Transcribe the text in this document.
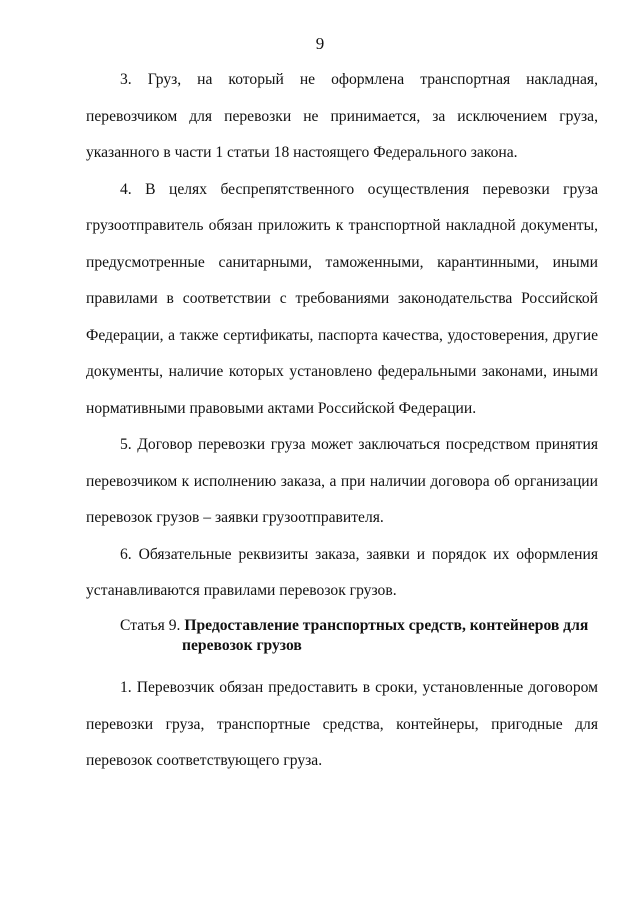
9

3. Груз, на который не оформлена транспортная накладная, перевозчиком для перевозки не принимается, за исключением груза, указанного в части 1 статьи 18 настоящего Федерального закона.

4. В целях беспрепятственного осуществления перевозки груза грузоотправитель обязан приложить к транспортной накладной документы, предусмотренные санитарными, таможенными, карантинными, иными правилами в соответствии с требованиями законодательства Российской Федерации, а также сертификаты, паспорта качества, удостоверения, другие документы, наличие которых установлено федеральными законами, иными нормативными правовыми актами Российской Федерации.

5. Договор перевозки груза может заключаться посредством принятия перевозчиком к исполнению заказа, а при наличии договора об организации перевозок грузов – заявки грузоотправителя.

6. Обязательные реквизиты заказа, заявки и порядок их оформления устанавливаются правилами перевозок грузов.

Статья 9. Предоставление транспортных средств, контейнеров для
перевозок грузов

1. Перевозчик обязан предоставить в сроки, установленные договором перевозки груза, транспортные средства, контейнеры, пригодные для перевозок соответствующего груза.
